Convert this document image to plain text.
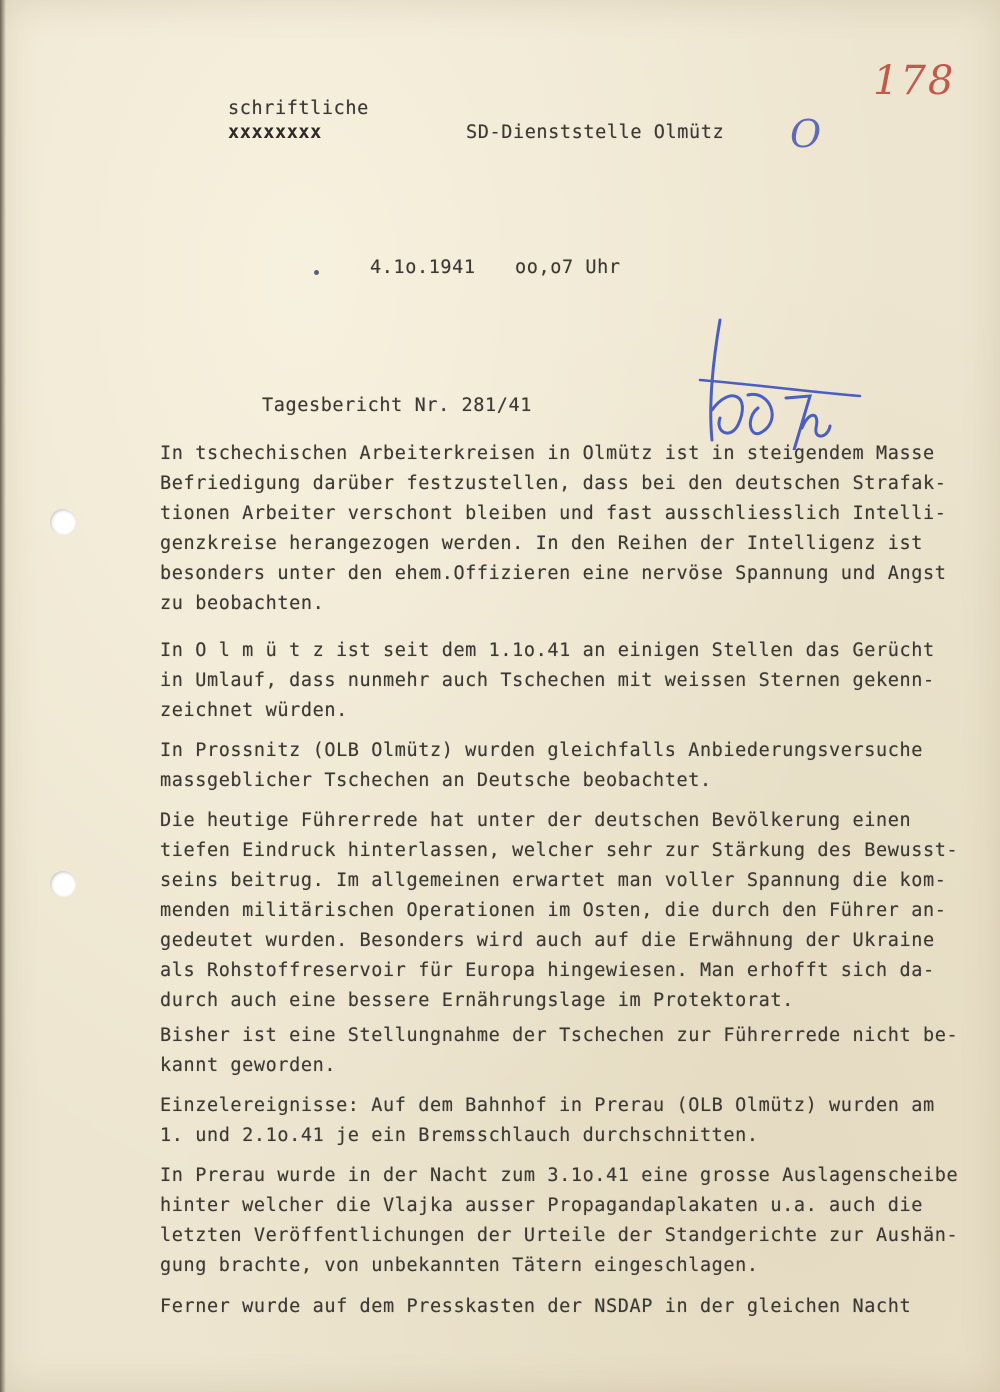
178
O
schriftliche
xxxxxxxx	SD-Dienststelle Olmütz
4.1o.1941 oo,o7 Uhr
Tagesbericht Nr. 281/41
In tschechischen Arbeiterkreisen in Olmütz ist in steigendem Masse
Befriedigung darüber festzustellen, dass bei den deutschen Strafak-
tionen Arbeiter verschont bleiben und fast ausschliesslich Intelli-
genzkreise herangezogen werden. In den Reihen der Intelligenz ist
besonders unter den ehem.Offizieren eine nervöse Spannung und Angst
zu beobachten.
In O l m ü t z ist seit dem 1.1o.41 an einigen Stellen das Gerücht
in Umlauf, dass nunmehr auch Tschechen mit weissen Sternen gekenn-
zeichnet würden.
In Prossnitz (OLB Olmütz) wurden gleichfalls Anbiederungsversuche
massgeblicher Tschechen an Deutsche beobachtet.
Die heutige Führerrede hat unter der deutschen Bevölkerung einen
tiefen Eindruck hinterlassen, welcher sehr zur Stärkung des Bewusst-
seins beitrug. Im allgemeinen erwartet man voller Spannung die kom-
menden militärischen Operationen im Osten, die durch den Führer an-
gedeutet wurden. Besonders wird auch auf die Erwähnung der Ukraine
als Rohstoffreservoir für Europa hingewiesen. Man erhofft sich da-
durch auch eine bessere Ernährungslage im Protektorat.
Bisher ist eine Stellungnahme der Tschechen zur Führerrede nicht be-
kannt geworden.
Einzelereignisse: Auf dem Bahnhof in Prerau (OLB Olmütz) wurden am
1. und 2.1o.41 je ein Bremsschlauch durchschnitten.
In Prerau wurde in der Nacht zum 3.1o.41 eine grosse Auslagenscheibe
hinter welcher die Vlajka ausser Propagandaplakaten u.a. auch die
letzten Veröffentlichungen der Urteile der Standgerichte zur Aushän-
gung brachte, von unbekannten Tätern eingeschlagen.
Ferner wurde auf dem Presskasten der NSDAP in der gleichen Nacht
